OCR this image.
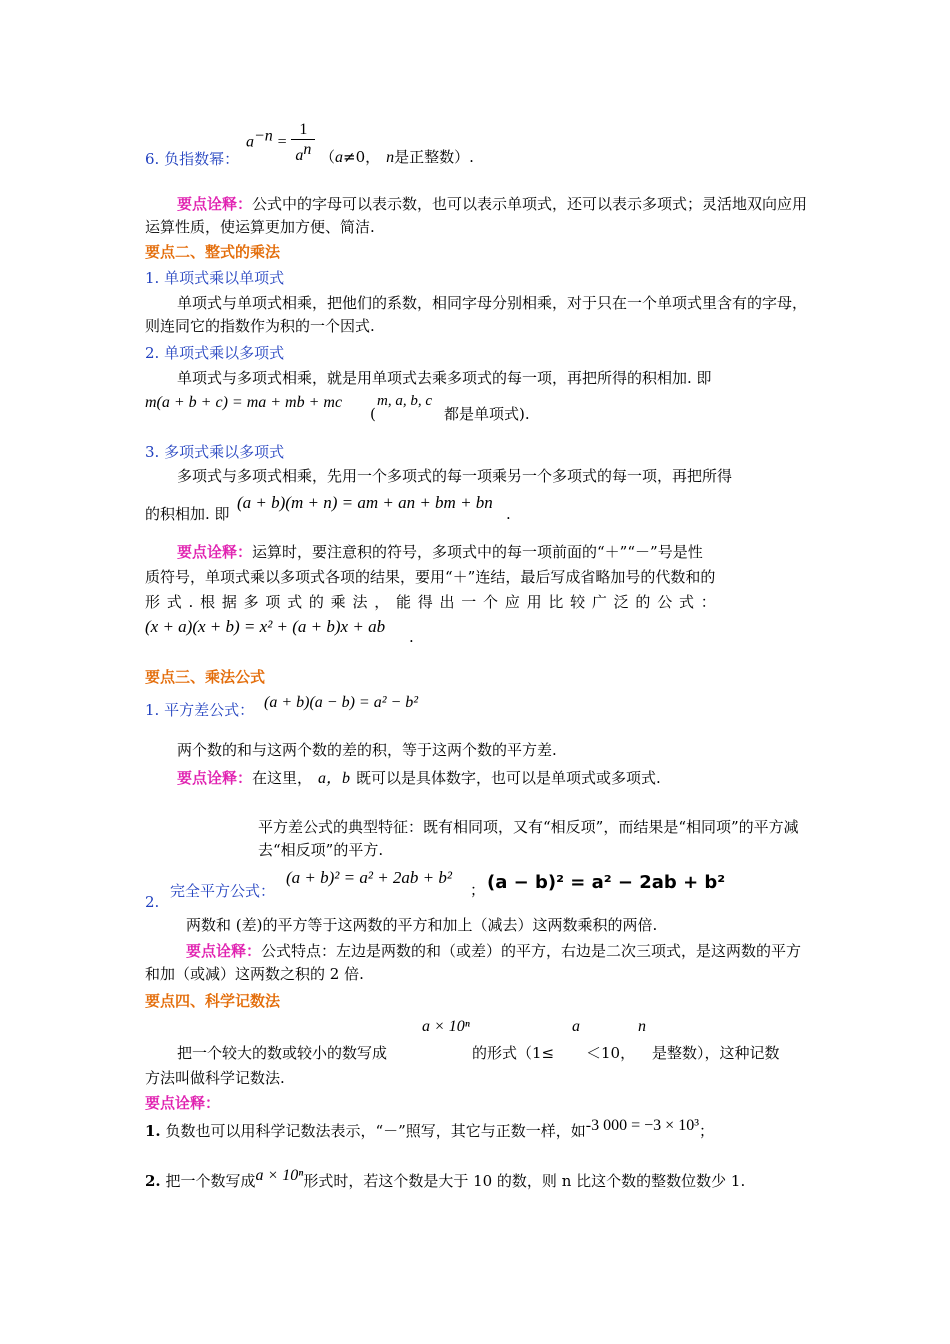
$a^{-n} = \frac{1}{a^n}$
6. 负指数幂：	（a≠0， n是正整数）.
要点诠释：公式中的字母可以表示数，也可以表示单项式，还可以表示多项式；灵活地双向应用运算性质，使运算更加方便、简洁.
要点二、整式的乘法
1. 单项式乘以单项式
单项式与单项式相乘，把他们的系数，相同字母分别相乘，对于只在一个单项式里含有的字母，则连同它的指数作为积的一个因式.
2. 单项式乘以多项式
单项式与多项式相乘，就是用单项式去乘多项式的每一项，再把所得的积相加. 即
m(a + b + c) = ma + mb + mc
(
m, a, b, c
都是单项式).
3. 多项式乘以多项式
多项式与多项式相乘，先用一个多项式的每一项乘另一个多项式的每一项，再把所得
的积相加. 即
(a + b)(m + n) = am + an + bm + bn
.
要点诠释：运算时，要注意积的符号，多项式中的每一项前面的“＋”“－”号是性
质符号，单项式乘以多项式各项的结果，要用“＋”连结，最后写成省略加号的代数和的
形 式 . 根 据 多 项 式 的 乘 法 ， 能 得 出 一 个 应 用 比 较 广 泛 的 公 式 ：
(x + a)(x + b) = x² + (a + b)x + ab
.
要点三、乘法公式
1. 平方差公式： (a + b)(a − b) = a² − b²
两个数的和与这两个数的差的积，等于这两个数的平方差.
要点诠释：在这里， a，b 既可以是具体数字，也可以是单项式或多项式.
平方差公式的典型特征：既有相同项，又有“相反项”，而结果是“相同项”的平方减去“相反项”的平方.
2.
完全平方公式：
(a + b)² = a² + 2ab + b²
； (a − b)² = a² − 2ab + b²
两数和 (差)的平方等于这两数的平方和加上（减去）这两数乘积的两倍.
要点诠释：公式特点：左边是两数的和（或差）的平方，右边是二次三项式，是这两数的平方和加（或减）这两数之积的 2 倍.
要点四、科学记数法
a × 10ⁿ	a	n
把一个较大的数或较小的数写成	的形式（1≤ ＜10， 是整数），这种记数
方法叫做科学记数法.
要点诠释：
1. 负数也可以用科学记数法表示，“－”照写，其它与正数一样，如-3 000 = −3 × 10³；
2. 把一个数写成a × 10ⁿ形式时，若这个数是大于 10 的数，则 n 比这个数的整数位数少 1.
